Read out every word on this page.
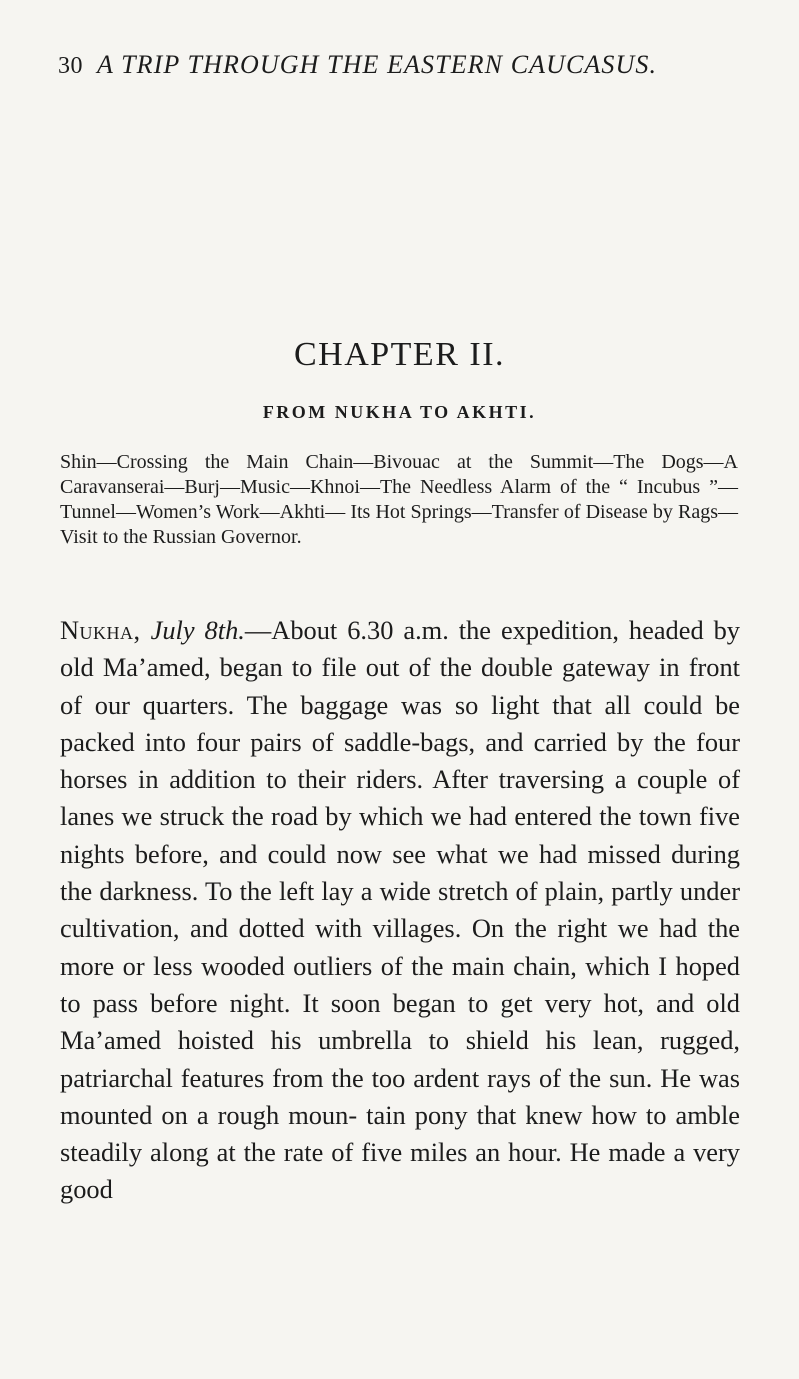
30 A TRIP THROUGH THE EASTERN CAUCASUS.
CHAPTER II.
FROM NUKHA TO AKHTI.
Shin—Crossing the Main Chain—Bivouac at the Summit—The Dogs—A Caravanserai—Burj—Music—Khnoi—The Needless Alarm of the “ Incubus ”—Tunnel—Women’s Work—Akhti— Its Hot Springs—Transfer of Disease by Rags—Visit to the Russian Governor.

Nukha, July 8th.—About 6.30 a.m. the expedition, headed by old Ma’amed, began to file out of the double gateway in front of our quarters. The baggage was so light that all could be packed into four pairs of saddle-bags, and carried by the four horses in addition to their riders. After traversing a couple of lanes we struck the road by which we had entered the town five nights before, and could now see what we had missed during the darkness. To the left lay a wide stretch of plain, partly under cultivation, and dotted with villages. On the right we had the more or less wooded outliers of the main chain, which I hoped to pass before night. It soon began to get very hot, and old Ma’amed hoisted his umbrella to shield his lean, rugged, patriarchal features from the too ardent rays of the sun. He was mounted on a rough moun- tain pony that knew how to amble steadily along at the rate of five miles an hour. He made a very good
